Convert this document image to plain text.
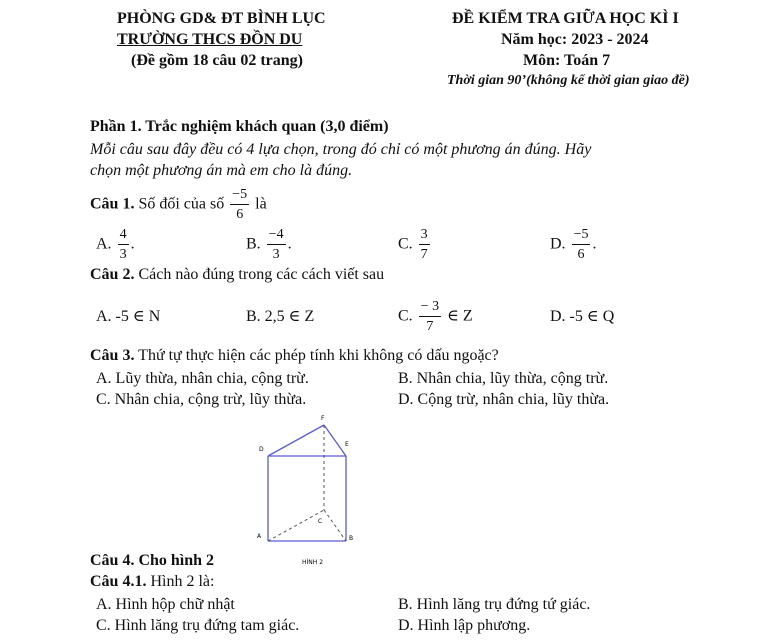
PHÒNG GD& ĐT BÌNH LỤC
TRƯỜNG THCS ĐỒN DU
(Đề gồm 18 câu 02 trang)
ĐỀ KIỂM TRA GIỮA HỌC KÌ I
Năm học: 2023 - 2024
Môn: Toán 7
Thời gian 90’(không kể thời gian giao đề)
Phần 1. Trắc nghiệm khách quan (3,0 điểm)
Mỗi câu sau đây đều có 4 lựa chọn, trong đó chỉ có một phương án đúng. Hãy
chọn một phương án mà em cho là đúng.
Câu 1. Số đối của số $\frac{-5}{6}$ là
A. $\frac{4}{3}$ .	B. $\frac{-4}{3}$ .	C. $\frac{3}{7}$	D. $\frac{-5}{6}$ .
Câu 2. Cách nào đúng trong các cách viết sau
A. -5 ∈ N	B. 2,5 ∈ Z	C. $\frac{- 3}{7}$ ∈ Z	D. -5 ∈ Q
Câu 3. Thứ tự thực hiện các phép tính khi không có dấu ngoặc?
A. Lũy thừa, nhân chia, cộng trừ.	B. Nhân chia, lũy thừa, cộng trừ.
C. Nhân chia, cộng trừ, lũy thừa.	D. Cộng trừ, nhân chia, lũy thừa.
F
D
E
C
A	B
HÌNH 2
Câu 4. Cho hình 2
Câu 4.1. Hình 2 là:
A. Hình hộp chữ nhật	B. Hình lăng trụ đứng tứ giác.
C. Hình lăng trụ đứng tam giác.	D. Hình lập phương.
